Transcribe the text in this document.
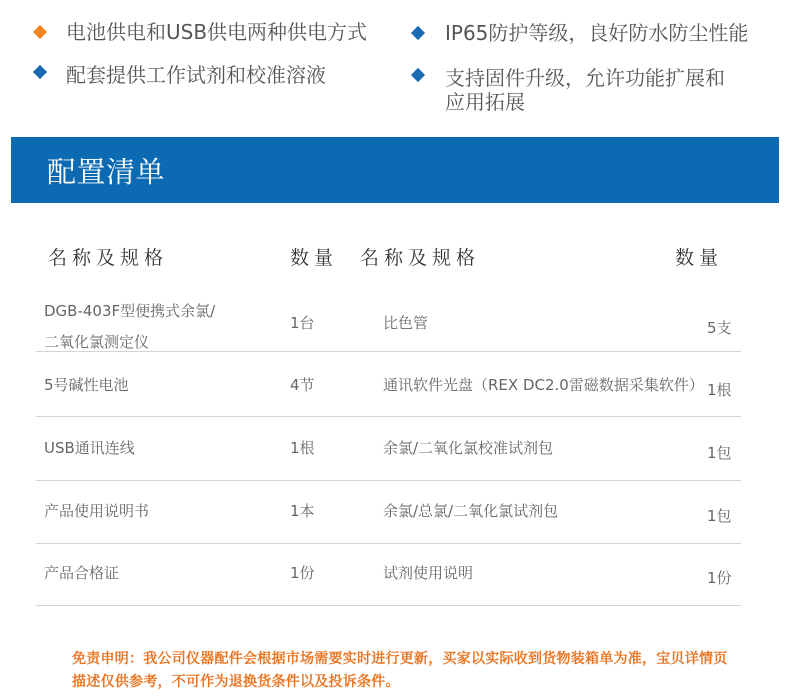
电池供电和USB供电两种供电方式
配套提供工作试剂和校准溶液
IP65防护等级，良好防水防尘性能
支持固件升级，允许功能扩展和
应用拓展
配置清单
名称及规格	数量 名称及规格	数量
DGB-403F型便携式余氯/
二氧化氯测定仪
1台	比色管	5支
5号碱性电池	4节	通讯软件光盘（REX DC2.0雷磁数据采集软件） 1根
USB通讯连线	1根	余氯/二氧化氯校准试剂包	1包
产品使用说明书	1本	余氯/总氯/二氧化氯试剂包	1包
产品合格证	1份	试剂使用说明	1份
免责申明：我公司仪器配件会根据市场需要实时进行更新，买家以实际收到货物装箱单为准，宝贝详情页
描述仅供参考，不可作为退换货条件以及投诉条件。
